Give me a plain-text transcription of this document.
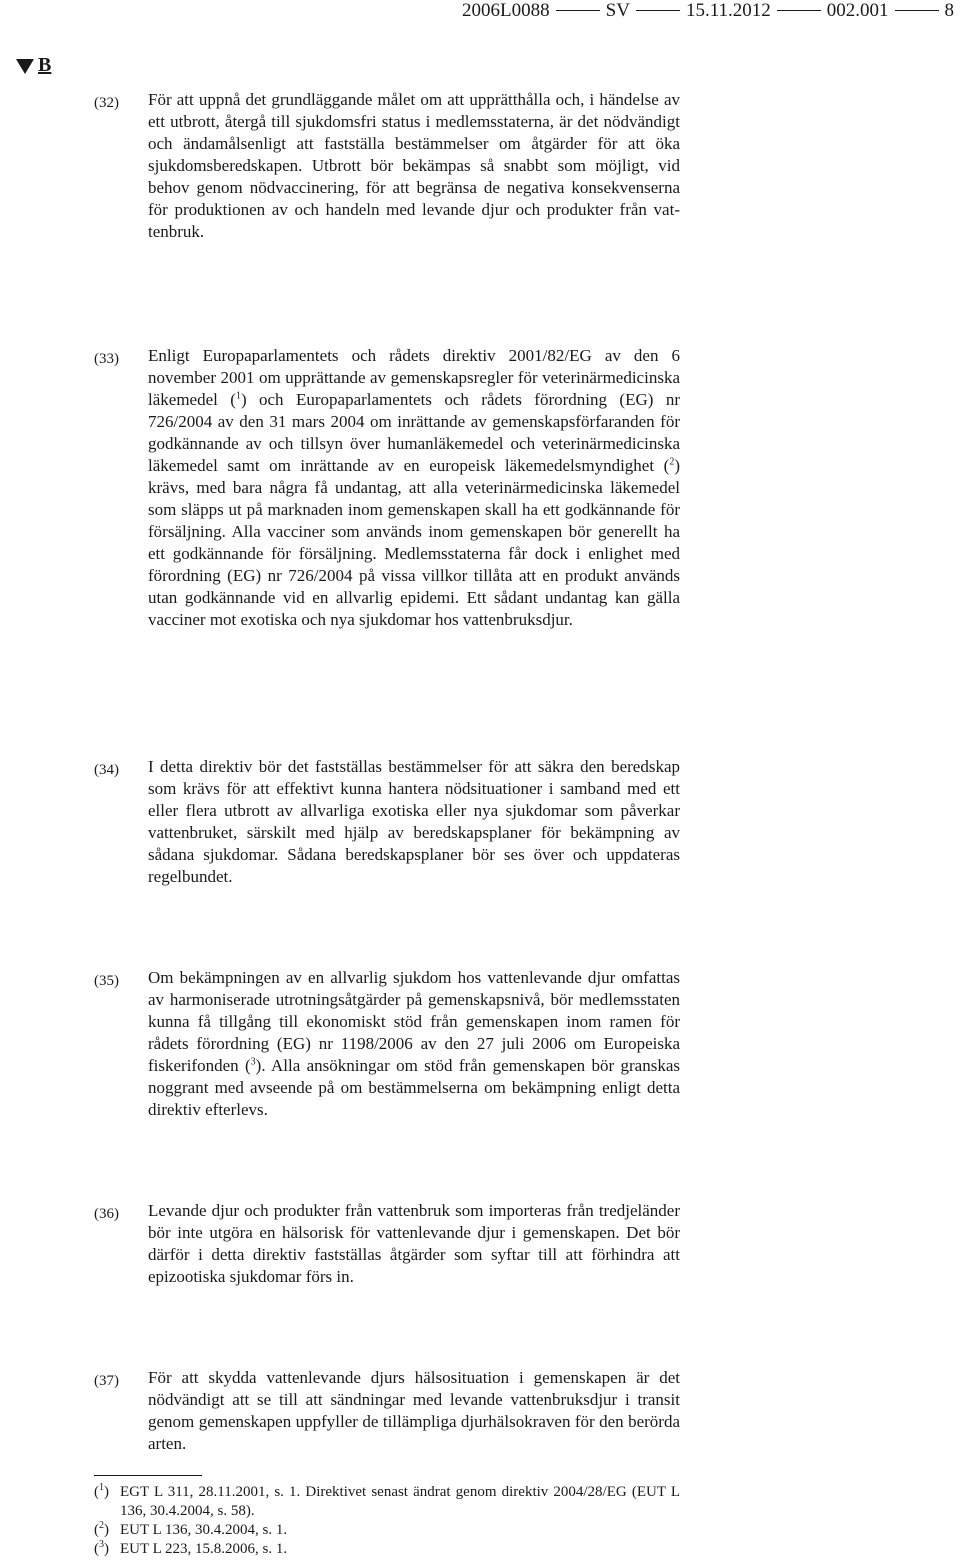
2006L0088	SV	15.11.2012	002.001	8
B
(32) För att uppnå det grundläggande målet om att upprätthålla och, i händelse av ett utbrott, återgå till sjukdomsfri status i medlemsstaterna, är det nödvändigt och ändamålsenligt att fastställa bestämmelser om åtgärder för att öka sjukdomsberedskapen. Utbrott bör bekämpas så snabbt som möjligt, vid behov genom nödvaccinering, för att begränsa de negativa konsekvenserna för produktionen av och handeln med levande djur och produkter från vattenbruk.
(33) Enligt Europaparlamentets och rådets direktiv 2001/82/EG av den 6 november 2001 om upprättande av gemenskapsregler för veterinärmedicinska läkemedel ($^1$) och Europaparlamentets och rådets förordning (EG) nr 726/2004 av den 31 mars 2004 om inrättande av gemenskapsförfaranden för godkännande av och tillsyn över humanläkemedel och veterinärmedicinska läkemedel samt om inrättande av en europeisk läkemedelsmyndighet ($^2$) krävs, med bara några få undantag, att alla veterinärmedicinska läkemedel som släpps ut på marknaden inom gemenskapen skall ha ett godkännande för försäljning. Alla vacciner som används inom gemenskapen bör generellt ha ett godkännande för försäljning. Medlemsstaterna får dock i enlighet med förordning (EG) nr 726/2004 på vissa villkor tillåta att en produkt används utan godkännande vid en allvarlig epidemi. Ett sådant undantag kan gälla vacciner mot exotiska och nya sjukdomar hos vattenbruksdjur.
(34) I detta direktiv bör det fastställas bestämmelser för att säkra den beredskap som krävs för att effektivt kunna hantera nödsituationer i samband med ett eller flera utbrott av allvarliga exotiska eller nya sjukdomar som påverkar vattenbruket, särskilt med hjälp av beredskapsplaner för bekämpning av sådana sjukdomar. Sådana beredskapsplaner bör ses över och uppdateras regelbundet.
(35) Om bekämpningen av en allvarlig sjukdom hos vattenlevande djur omfattas av harmoniserade utrotningsåtgärder på gemenskapsnivå, bör medlemsstaten kunna få tillgång till ekonomiskt stöd från gemenskapen inom ramen för rådets förordning (EG) nr 1198/2006 av den 27 juli 2006 om Europeiska fiskerifonden ($^3$). Alla ansökningar om stöd från gemenskapen bör granskas noggrant med avseende på om bestämmelserna om bekämpning enligt detta direktiv efterlevs.
(36) Levande djur och produkter från vattenbruk som importeras från tredjeländer bör inte utgöra en hälsorisk för vattenlevande djur i gemenskapen. Det bör därför i detta direktiv fastställas åtgärder som syftar till att förhindra att epizootiska sjukdomar förs in.
(37) För att skydda vattenlevande djurs hälsosituation i gemenskapen är det nödvändigt att se till att sändningar med levande vattenbruksdjur i transit genom gemenskapen uppfyller de tillämpliga djurhälsokraven för den berörda arten.
($^1$) EGT L 311, 28.11.2001, s. 1. Direktivet senast ändrat genom direktiv 2004/28/EG (EUT L 136, 30.4.2004, s. 58).
($^2$) EUT L 136, 30.4.2004, s. 1.
($^3$) EUT L 223, 15.8.2006, s. 1.
